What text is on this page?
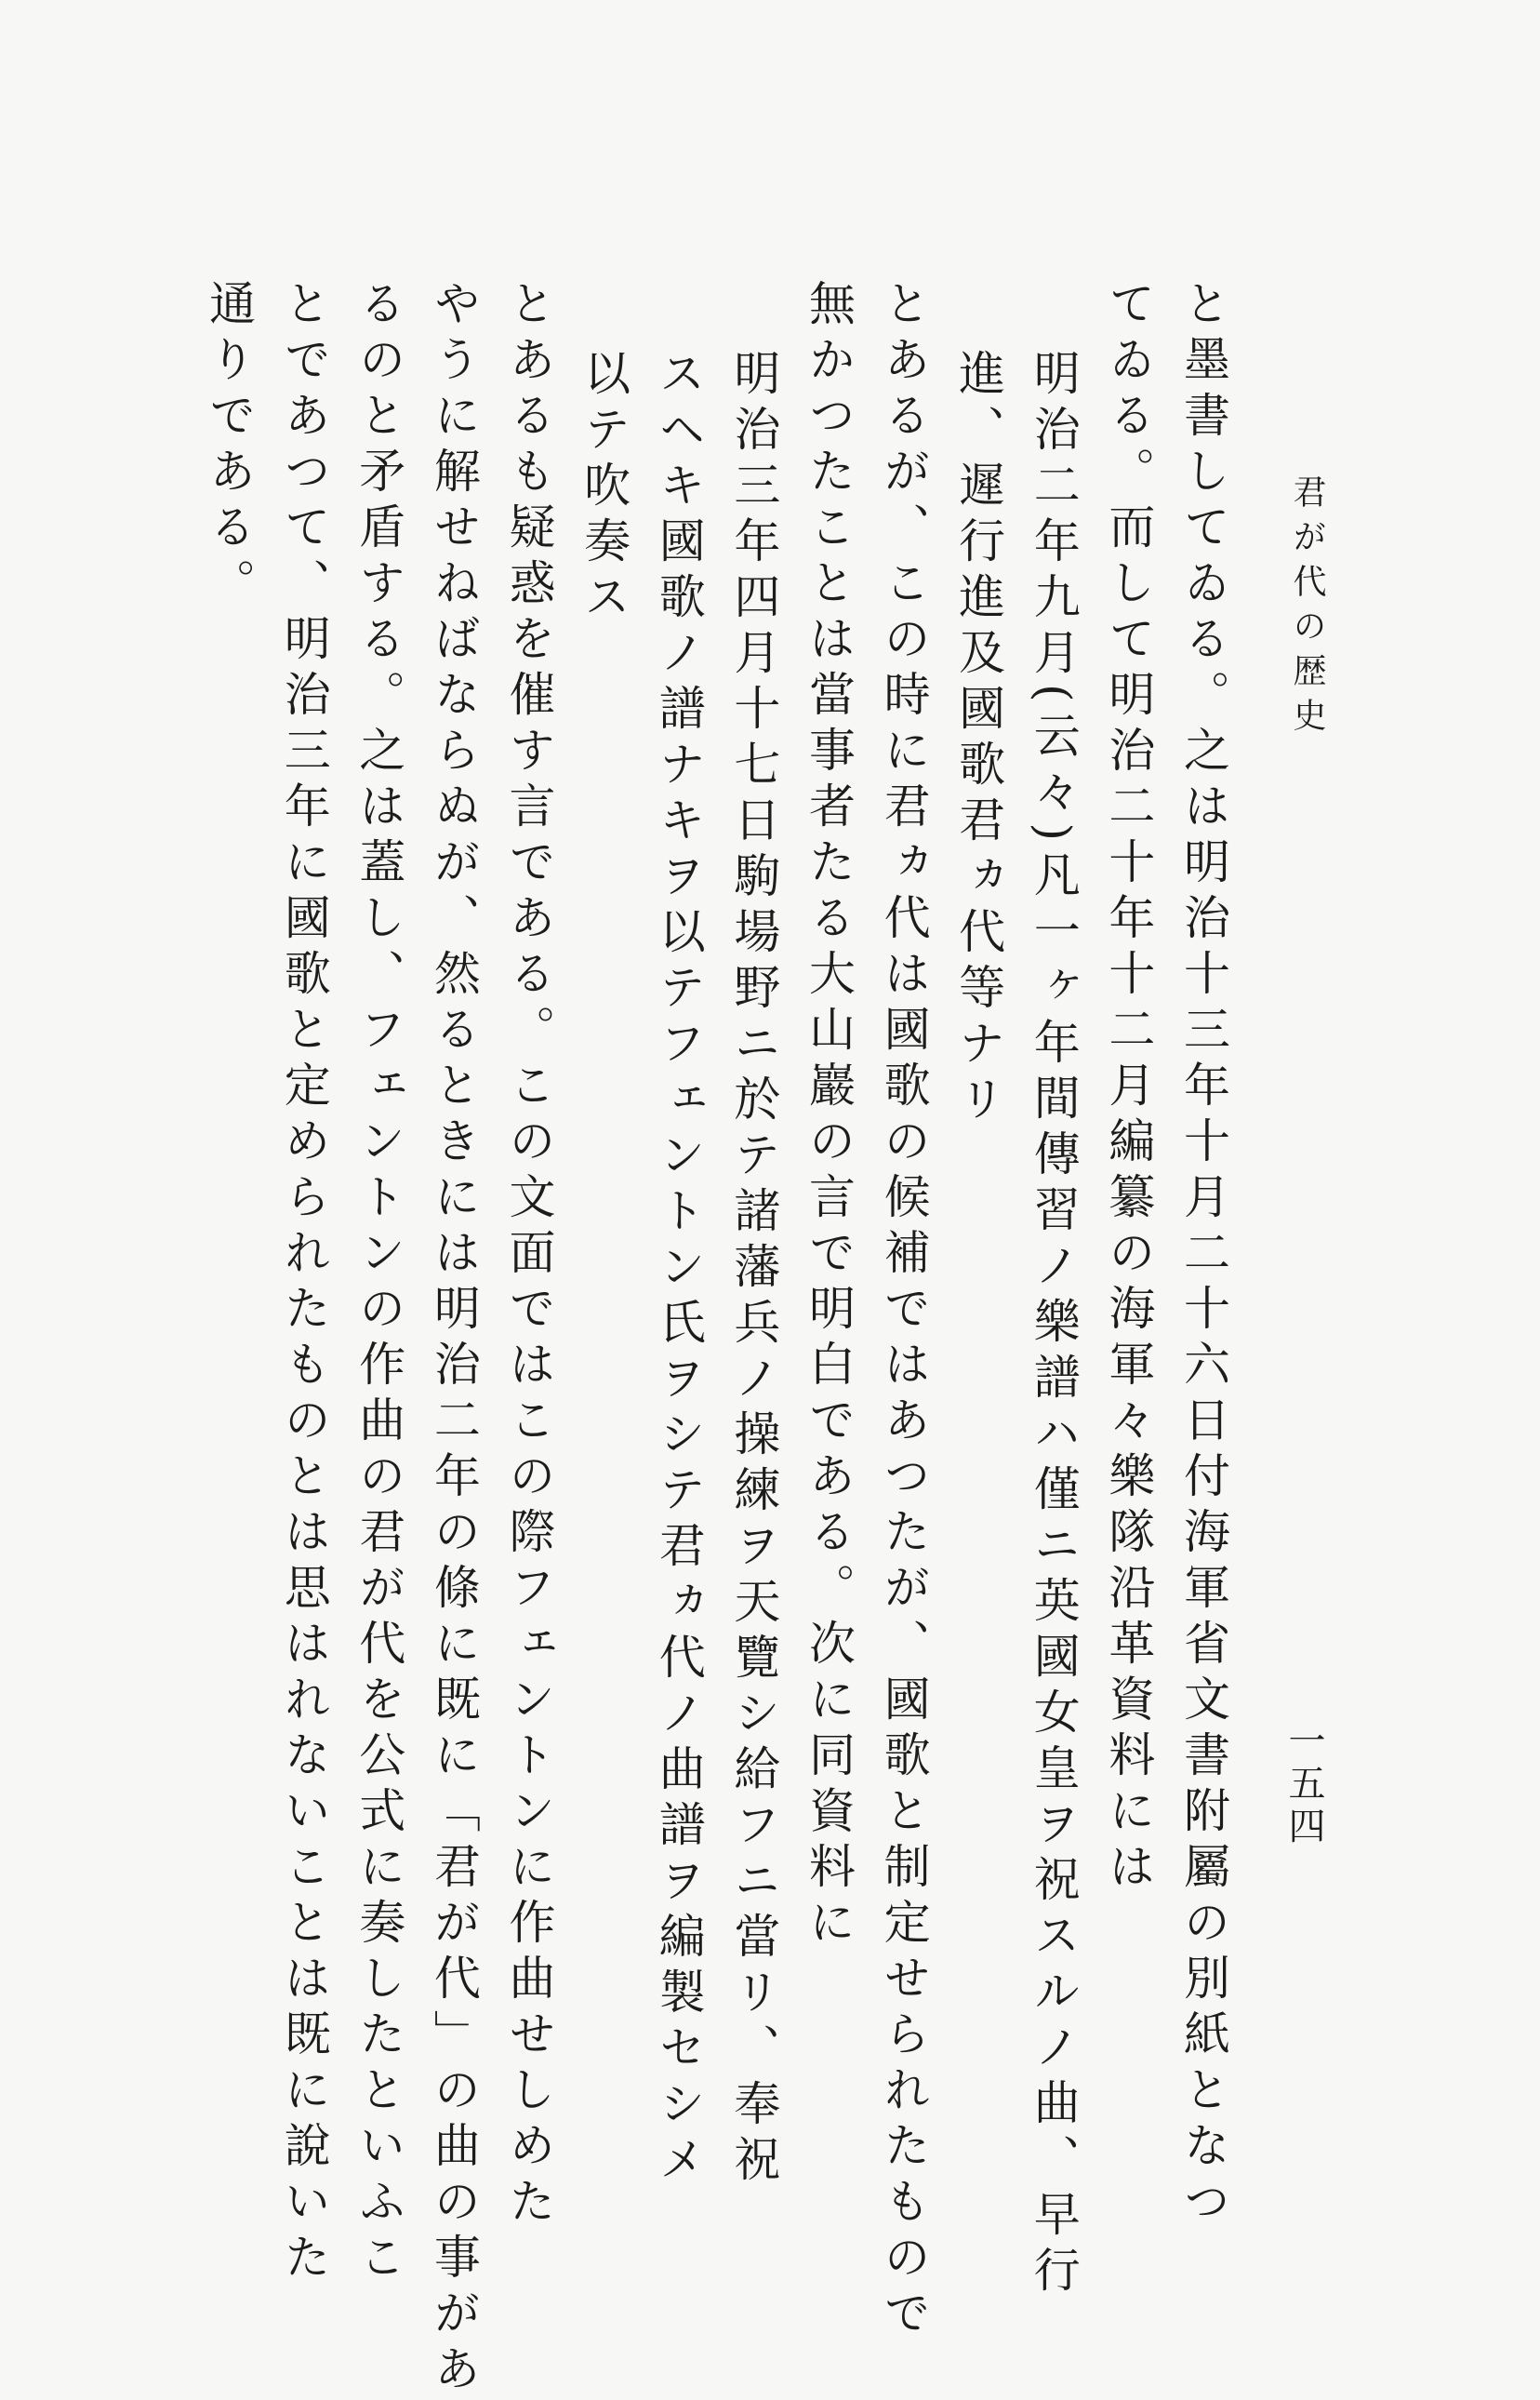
君が代の歴史
一五四
と墨書してゐる。之は明治十三年十月二十六日付海軍省文書附屬の別紙となつ
てゐる。而して明治二十年十二月編纂の海軍々樂隊沿革資料には
明治二年九月(云々)凡一ヶ年間傳習ノ樂譜ハ僅ニ英國女皇ヲ祝スルノ曲、早行
進、遲行進及國歌君ヵ代等ナリ
とあるが、この時に君ヵ代は國歌の候補ではあつたが、國歌と制定せられたもので
無かつたことは當事者たる大山巖の言で明白である。次に同資料に
明治三年四月十七日駒場野ニ於テ諸藩兵ノ操練ヲ天覽シ給フニ當リ、奉祝
スヘキ國歌ノ譜ナキヲ以テフェントン氏ヲシテ君ヵ代ノ曲譜ヲ編製セシメ
以テ吹奏ス
とあるも疑惑を催す言である。この文面ではこの際フェントンに作曲せしめた
やうに解せねばならぬが、然るときには明治二年の條に既に「君が代」の曲の事があ
るのと矛盾する。之は蓋し、フェントンの作曲の君が代を公式に奏したといふこ
とであつて、明治三年に國歌と定められたものとは思はれないことは既に說いた
通りである。
